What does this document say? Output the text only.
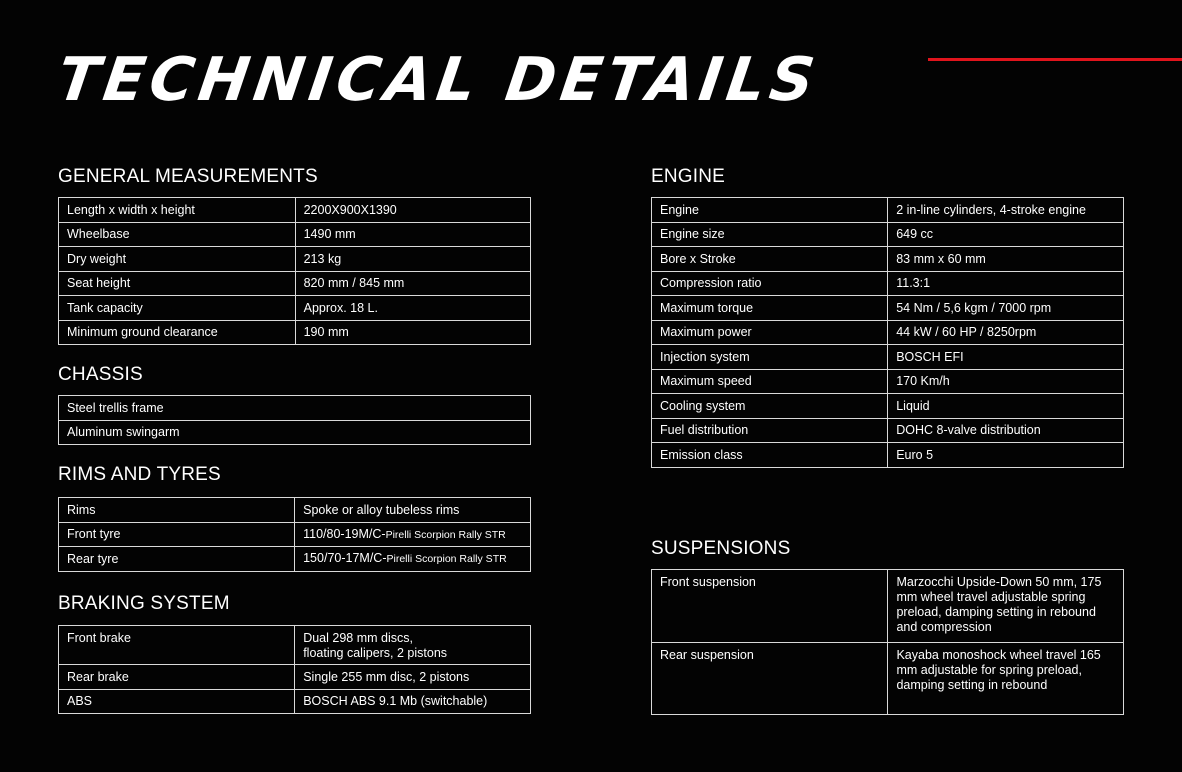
TECHNICAL DETAILS
GENERAL MEASUREMENTS
Length x width x height	2200X900X1390
Wheelbase	1490 mm
Dry weight	213 kg
Seat height	820 mm / 845 mm
Tank capacity	Approx. 18 L.
Minimum ground clearance	190 mm
CHASSIS
Steel trellis frame
Aluminum swingarm
RIMS AND TYRES
Rims	Spoke or alloy tubeless rims
Front tyre	110/80-19M/C-Pirelli Scorpion Rally STR
Rear tyre	150/70-17M/C-Pirelli Scorpion Rally STR
BRAKING SYSTEM
Front brake	Dual 298 mm discs,
floating calipers, 2 pistons

Rear brake	Single 255 mm disc, 2 pistons
ABS	BOSCH ABS 9.1 Mb (switchable)
ENGINE
Engine	2 in-line cylinders, 4-stroke engine
Engine size	649 cc
Bore x Stroke	83 mm x 60 mm
Compression ratio	11.3:1
Maximum torque	54 Nm / 5,6 kgm / 7000 rpm
Maximum power	44 kW / 60 HP / 8250rpm
Injection system	BOSCH EFI
Maximum speed	170 Km/h
Cooling system	Liquid
Fuel distribution	DOHC 8-valve distribution
Emission class	Euro 5
SUSPENSIONS
Front suspension	Marzocchi Upside-Down 50 mm, 175 mm wheel travel adjustable spring preload, damping setting in rebound and compression
Rear suspension	Kayaba monoshock wheel travel 165 mm adjustable for spring preload, damping setting in rebound
